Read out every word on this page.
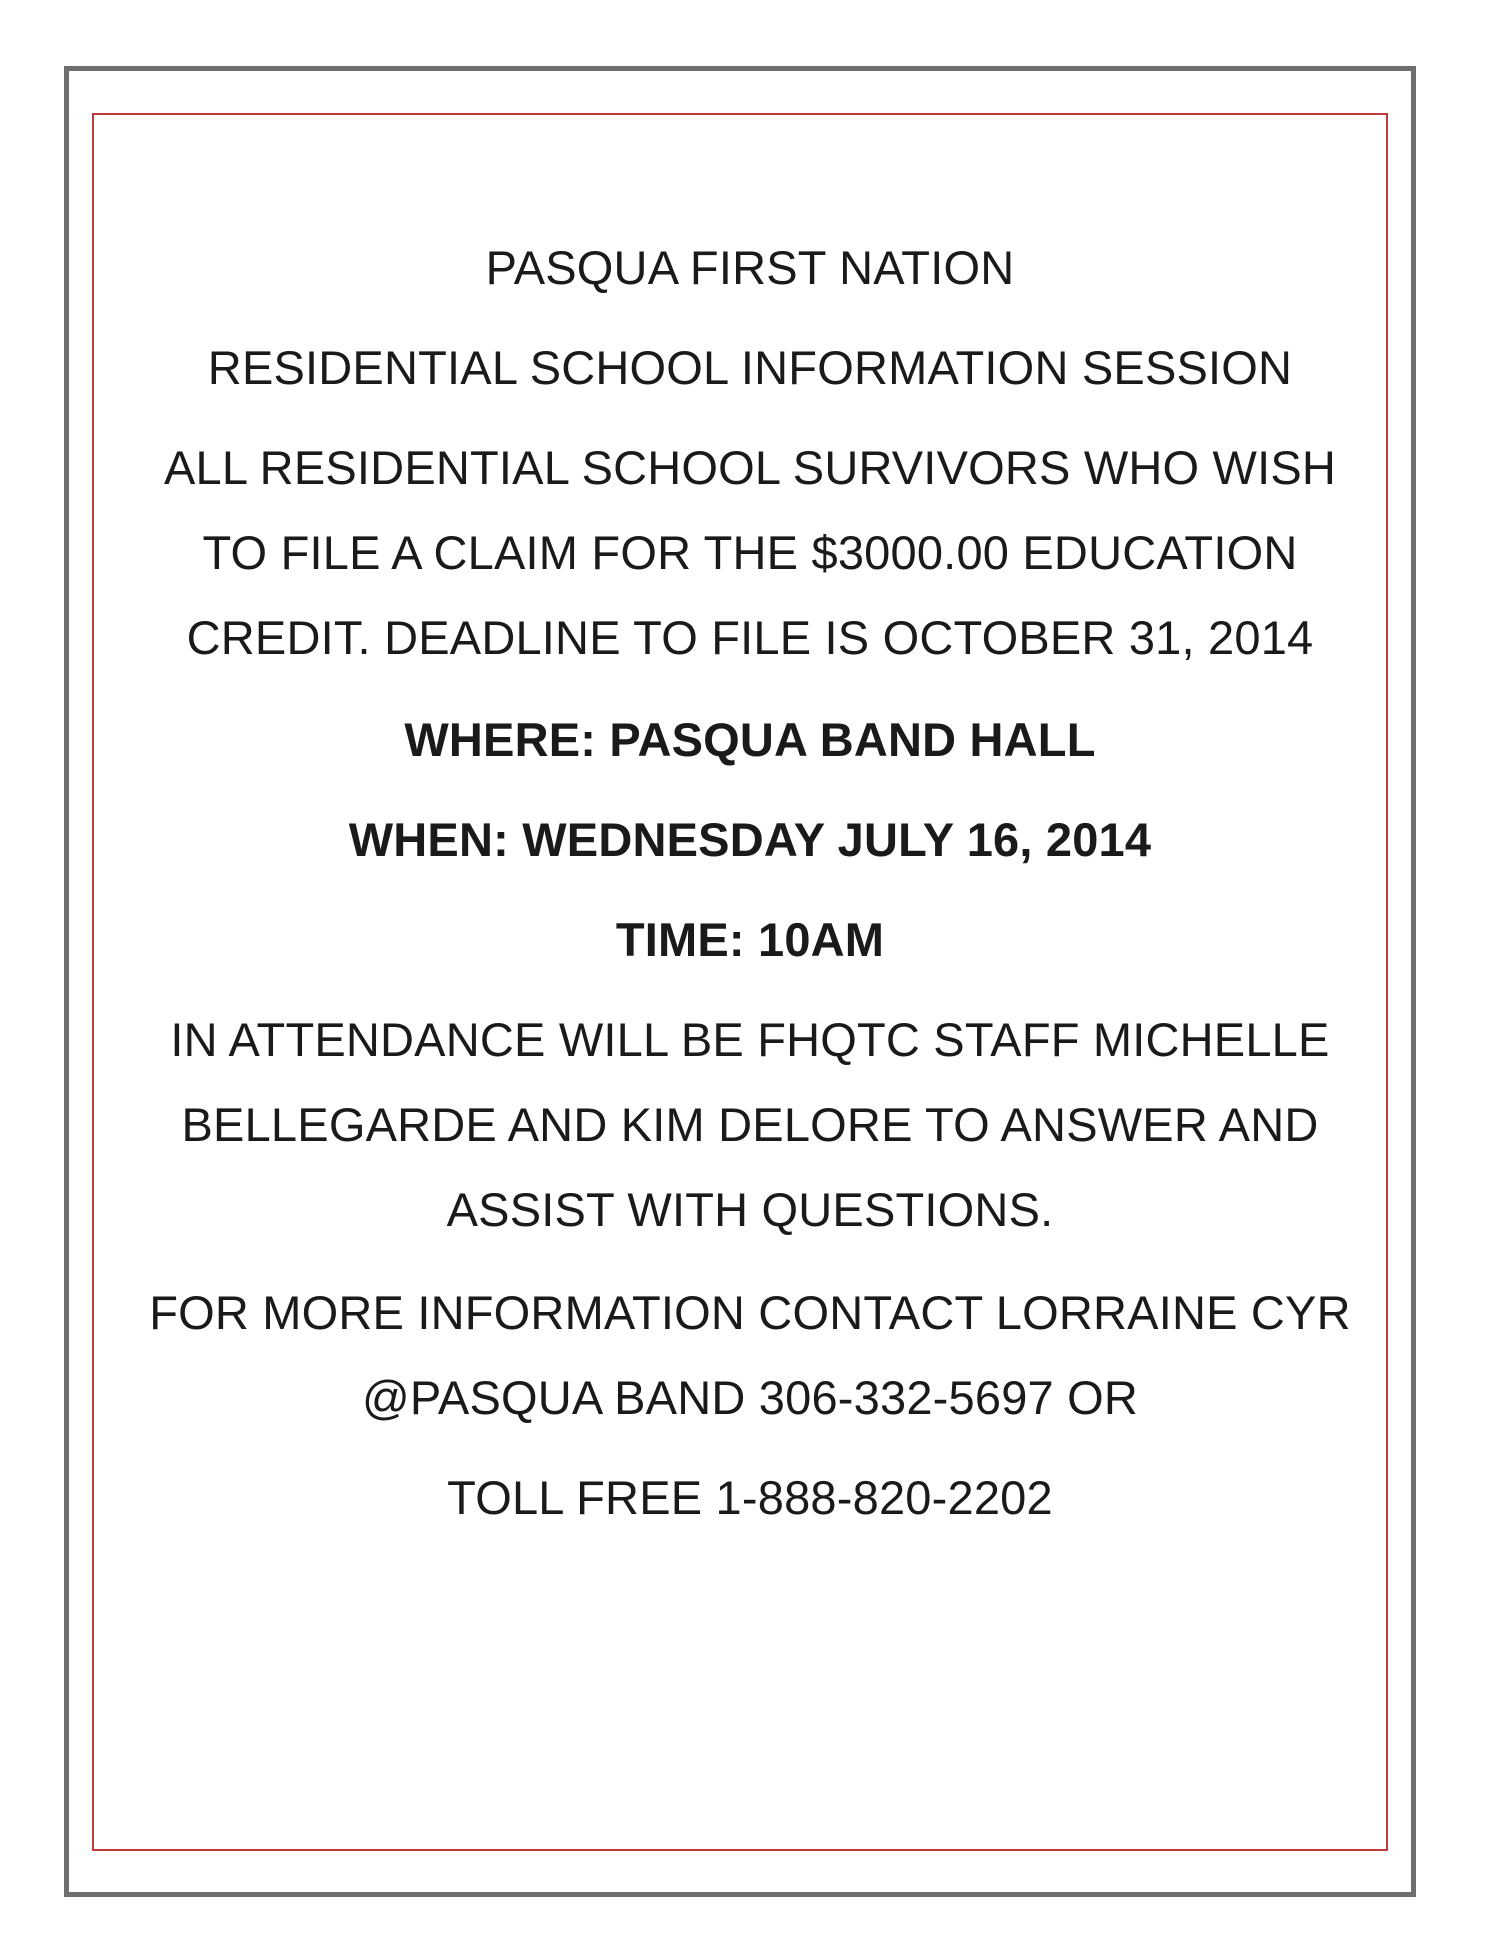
PASQUA FIRST NATION
RESIDENTIAL SCHOOL INFORMATION SESSION
ALL RESIDENTIAL SCHOOL SURVIVORS WHO WISH
TO FILE A CLAIM FOR THE $3000.00 EDUCATION
CREDIT. DEADLINE TO FILE IS OCTOBER 31, 2014
WHERE: PASQUA BAND HALL
WHEN: WEDNESDAY JULY 16, 2014
TIME: 10AM
IN ATTENDANCE WILL BE FHQTC STAFF MICHELLE
BELLEGARDE AND KIM DELORE TO ANSWER AND
ASSIST WITH QUESTIONS.
FOR MORE INFORMATION CONTACT LORRAINE CYR
@PASQUA BAND 306-332-5697 OR
TOLL FREE 1-888-820-2202
